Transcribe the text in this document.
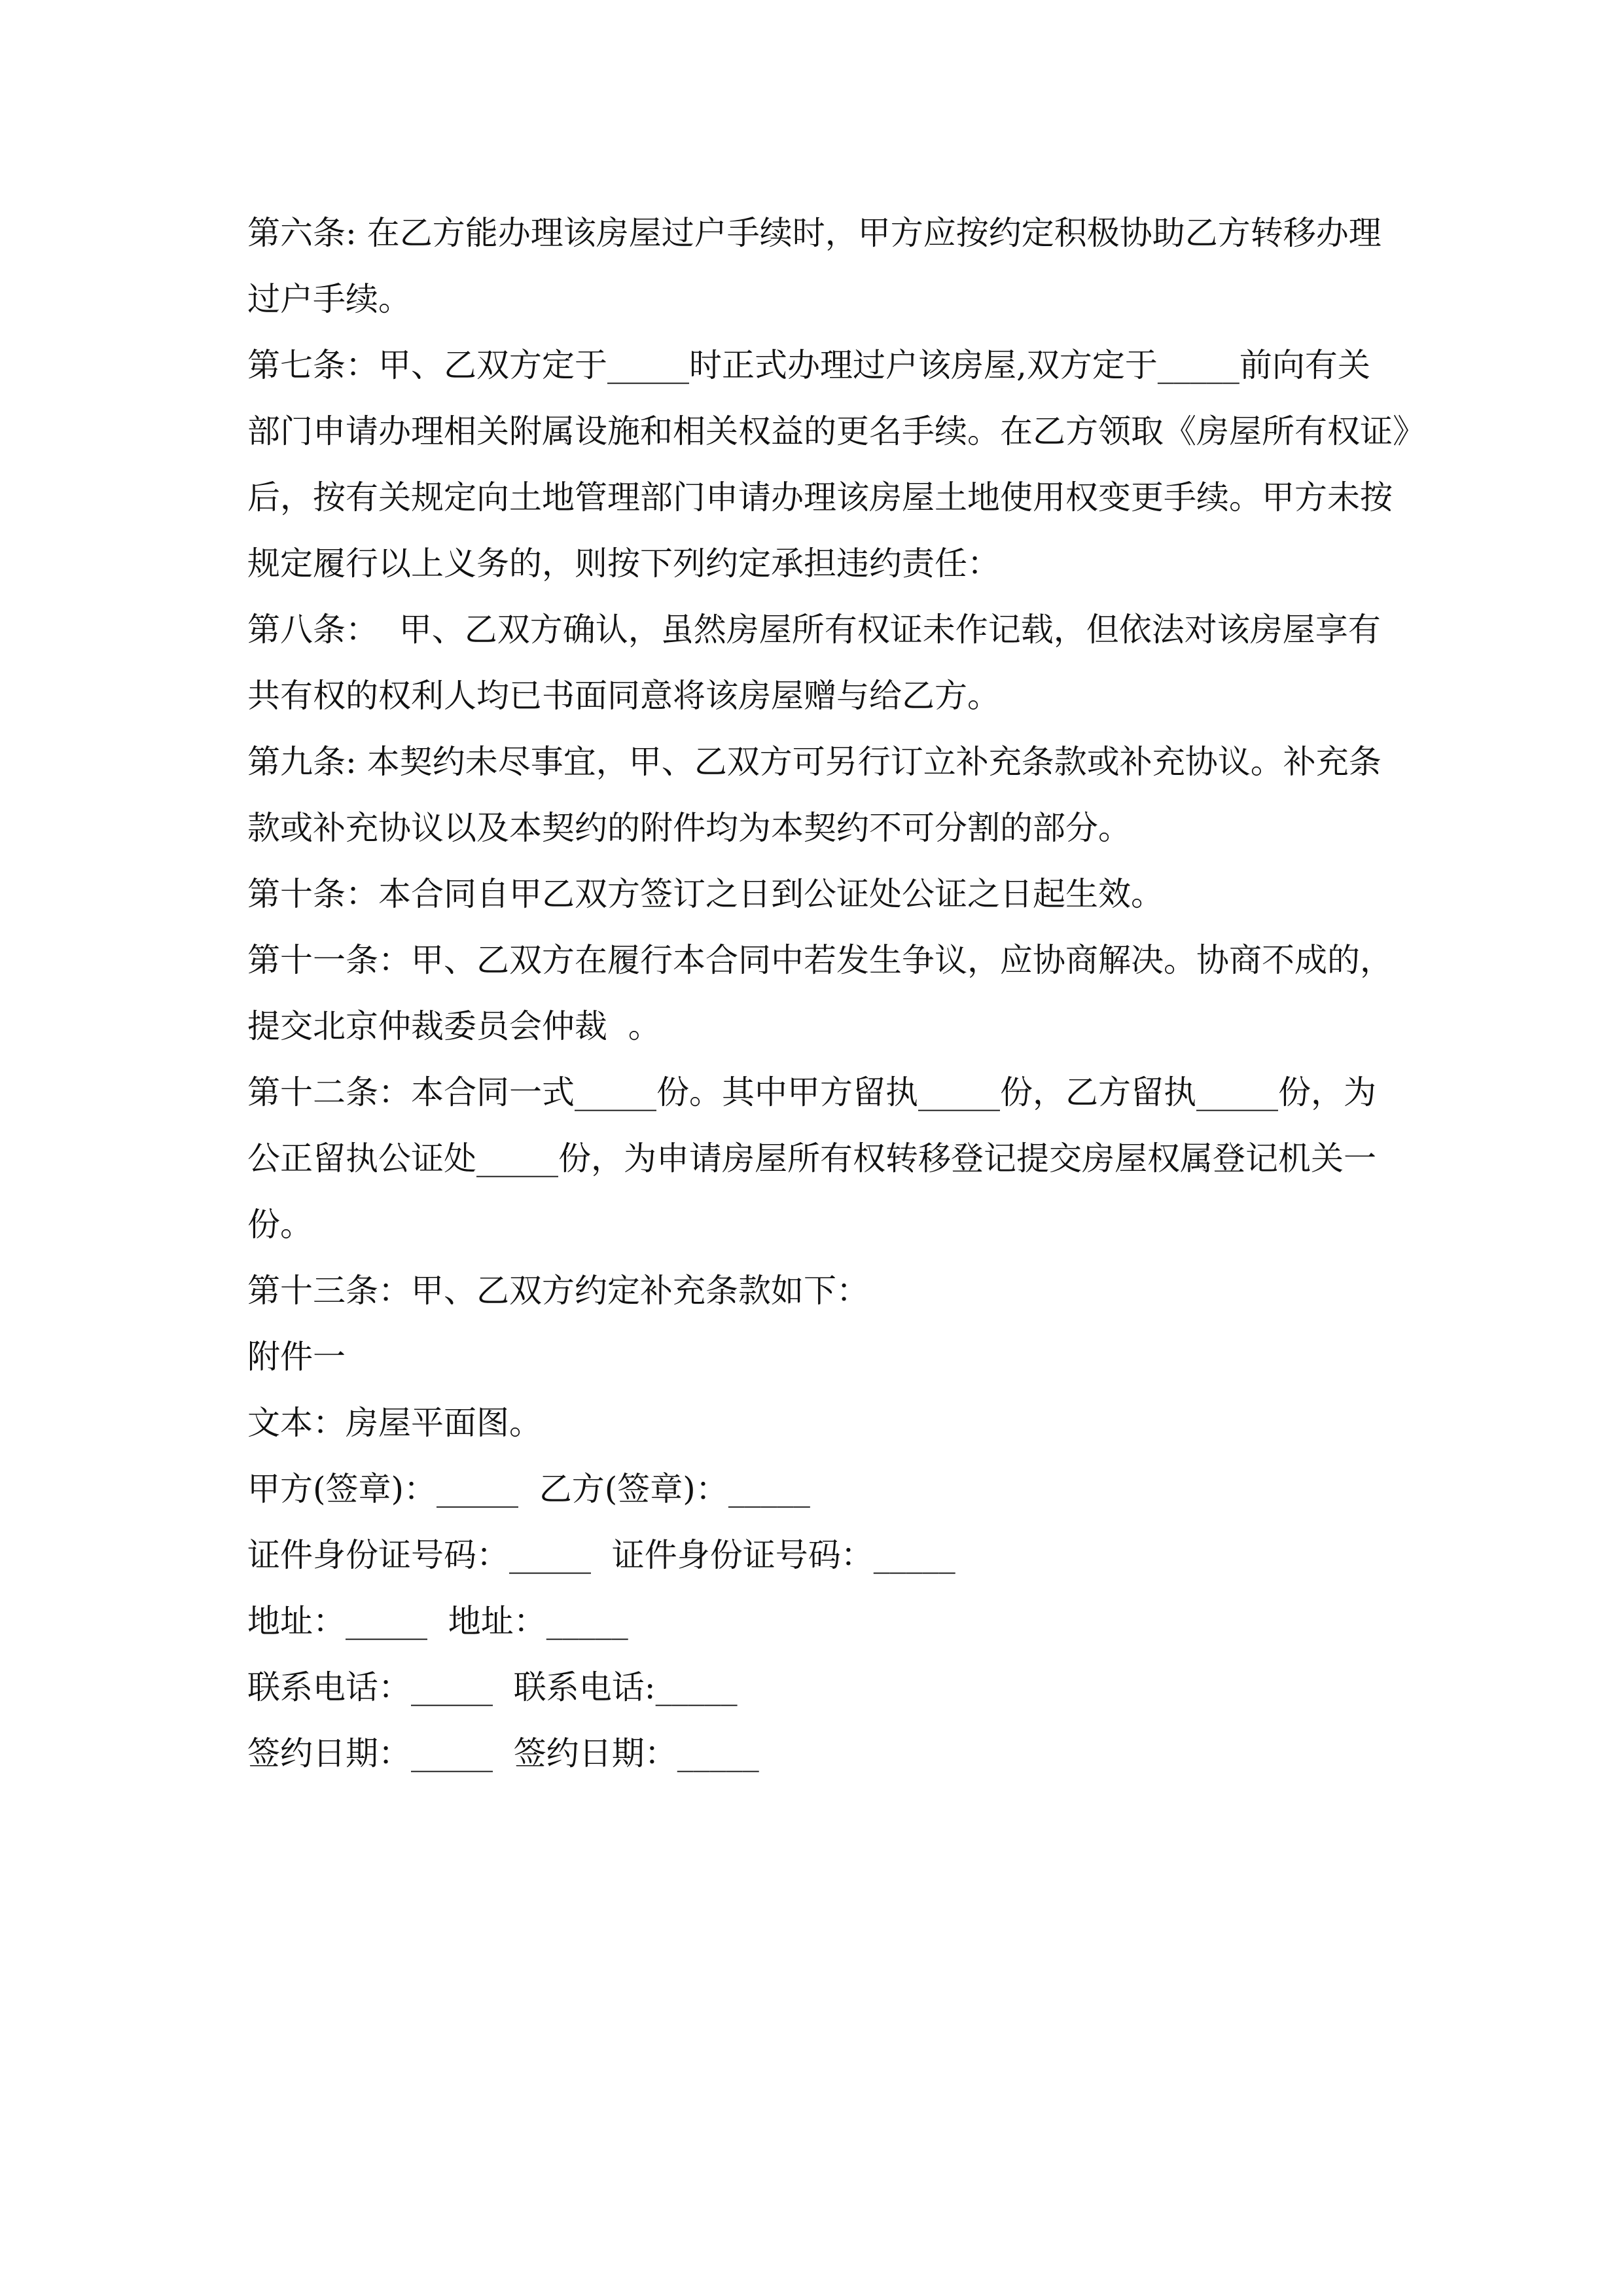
第六条: 在乙方能办理该房屋过户手续时，甲方应按约定积极协助乙方转移办理
过户手续。
第七条：甲、乙双方定于_____时正式办理过户该房屋,双方定于_____前向有关
部门申请办理相关附属设施和相关权益的更名手续。在乙方领取《房屋所有权证》
后，按有关规定向土地管理部门申请办理该房屋土地使用权变更手续。甲方未按
规定履行以上义务的，则按下列约定承担违约责任：
第八条：  甲、乙双方确认，虽然房屋所有权证未作记载，但依法对该房屋享有
共有权的权利人均已书面同意将该房屋赠与给乙方。
第九条: 本契约未尽事宜，甲、乙双方可另行订立补充条款或补充协议。补充条
款或补充协议以及本契约的附件均为本契约不可分割的部分。
第十条：本合同自甲乙双方签订之日到公证处公证之日起生效。
第十一条：甲、乙双方在履行本合同中若发生争议，应协商解决。协商不成的，
提交北京仲裁委员会仲裁  。
第十二条：本合同一式_____份。其中甲方留执_____份，乙方留执_____份，为
公正留执公证处_____份，为申请房屋所有权转移登记提交房屋权属登记机关一
份。
第十三条：甲、乙双方约定补充条款如下：
附件一
文本：房屋平面图。
甲方(签章)：_____  乙方(签章)：_____
证件身份证号码：_____  证件身份证号码：_____
地址：_____  地址：_____
联系电话：_____  联系电话:_____
签约日期：_____  签约日期：_____
